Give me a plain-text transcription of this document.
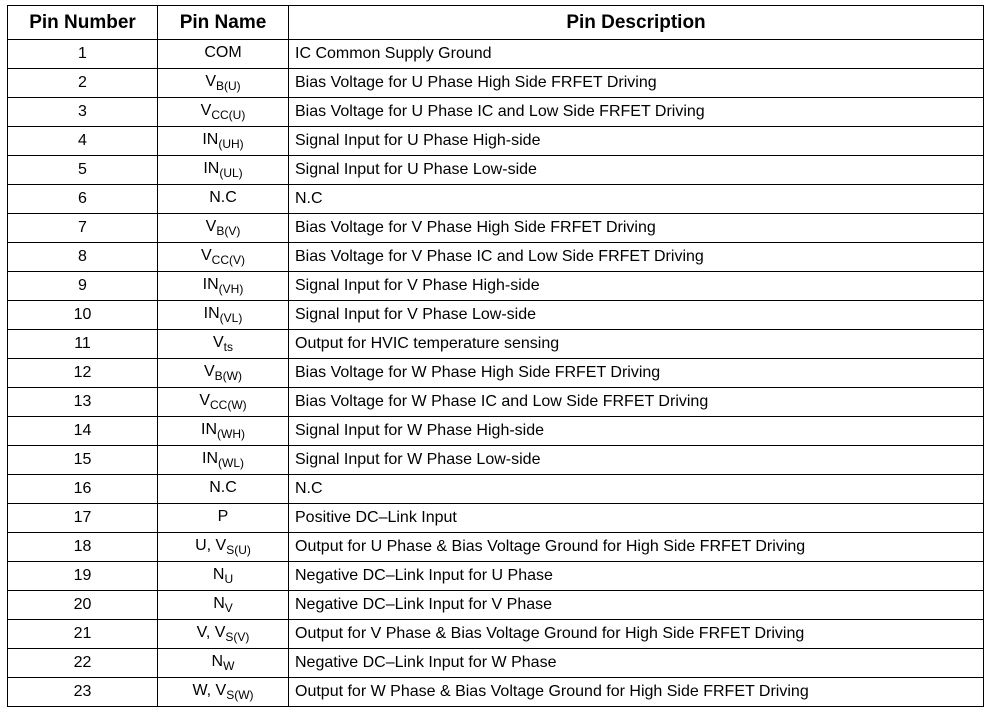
Pin Number	Pin Name	Pin Description
1	COM	IC Common Supply Ground
2	$V_{B(U)}$	Bias Voltage for U Phase High Side FRFET Driving
3	$V_{CC(U)}$	Bias Voltage for U Phase IC and Low Side FRFET Driving
4	$IN_{(UH)}$	Signal Input for U Phase High-side
5	$IN_{(UL)}$	Signal Input for U Phase Low-side
6	N.C	N.C
7	$V_{B(V)}$	Bias Voltage for V Phase High Side FRFET Driving
8	$V_{CC(V)}$	Bias Voltage for V Phase IC and Low Side FRFET Driving
9	$IN_{(VH)}$	Signal Input for V Phase High-side
10	$IN_{(VL)}$	Signal Input for V Phase Low-side
11	$V_{ts}$	Output for HVIC temperature sensing
12	$V_{B(W)}$	Bias Voltage for W Phase High Side FRFET Driving
13	$V_{CC(W)}$	Bias Voltage for W Phase IC and Low Side FRFET Driving
14	$IN_{(WH)}$	Signal Input for W Phase High-side
15	$IN_{(WL)}$	Signal Input for W Phase Low-side
16	N.C	N.C
17	P	Positive DC–Link Input
18	U, $V_{S(U)}$	Output for U Phase & Bias Voltage Ground for High Side FRFET Driving
19	$N_U$	Negative DC–Link Input for U Phase
20	$N_V$	Negative DC–Link Input for V Phase
21	V, $V_{S(V)}$	Output for V Phase & Bias Voltage Ground for High Side FRFET Driving
22	$N_W$	Negative DC–Link Input for W Phase
23	W, $V_{S(W)}$	Output for W Phase & Bias Voltage Ground for High Side FRFET Driving
